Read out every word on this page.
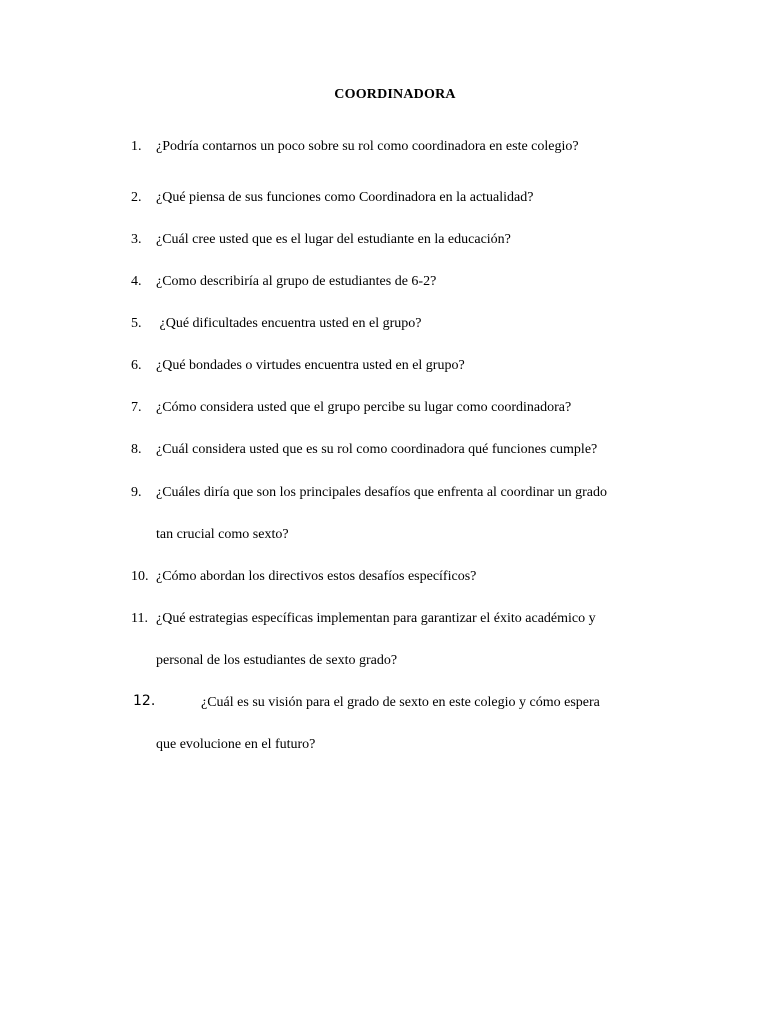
COORDINADORA
1. ¿Podría contarnos un poco sobre su rol como coordinadora en este colegio?
2. ¿Qué piensa de sus funciones como Coordinadora en la actualidad?
3. ¿Cuál cree usted que es el lugar del estudiante en la educación?
4. ¿Como describiría al grupo de estudiantes de 6-2?
5. ¿Qué dificultades encuentra usted en el grupo?
6. ¿Qué bondades o virtudes encuentra usted en el grupo?
7. ¿Cómo considera usted que el grupo percibe su lugar como coordinadora?
8. ¿Cuál considera usted que es su rol como coordinadora qué funciones cumple?
9. ¿Cuáles diría que son los principales desafíos que enfrenta al coordinar un grado
tan crucial como sexto?
10. ¿Cómo abordan los directivos estos desafíos específicos?
11. ¿Qué estrategias específicas implementan para garantizar el éxito académico y
personal de los estudiantes de sexto grado?
12.	¿Cuál es su visión para el grado de sexto en este colegio y cómo espera
que evolucione en el futuro?
